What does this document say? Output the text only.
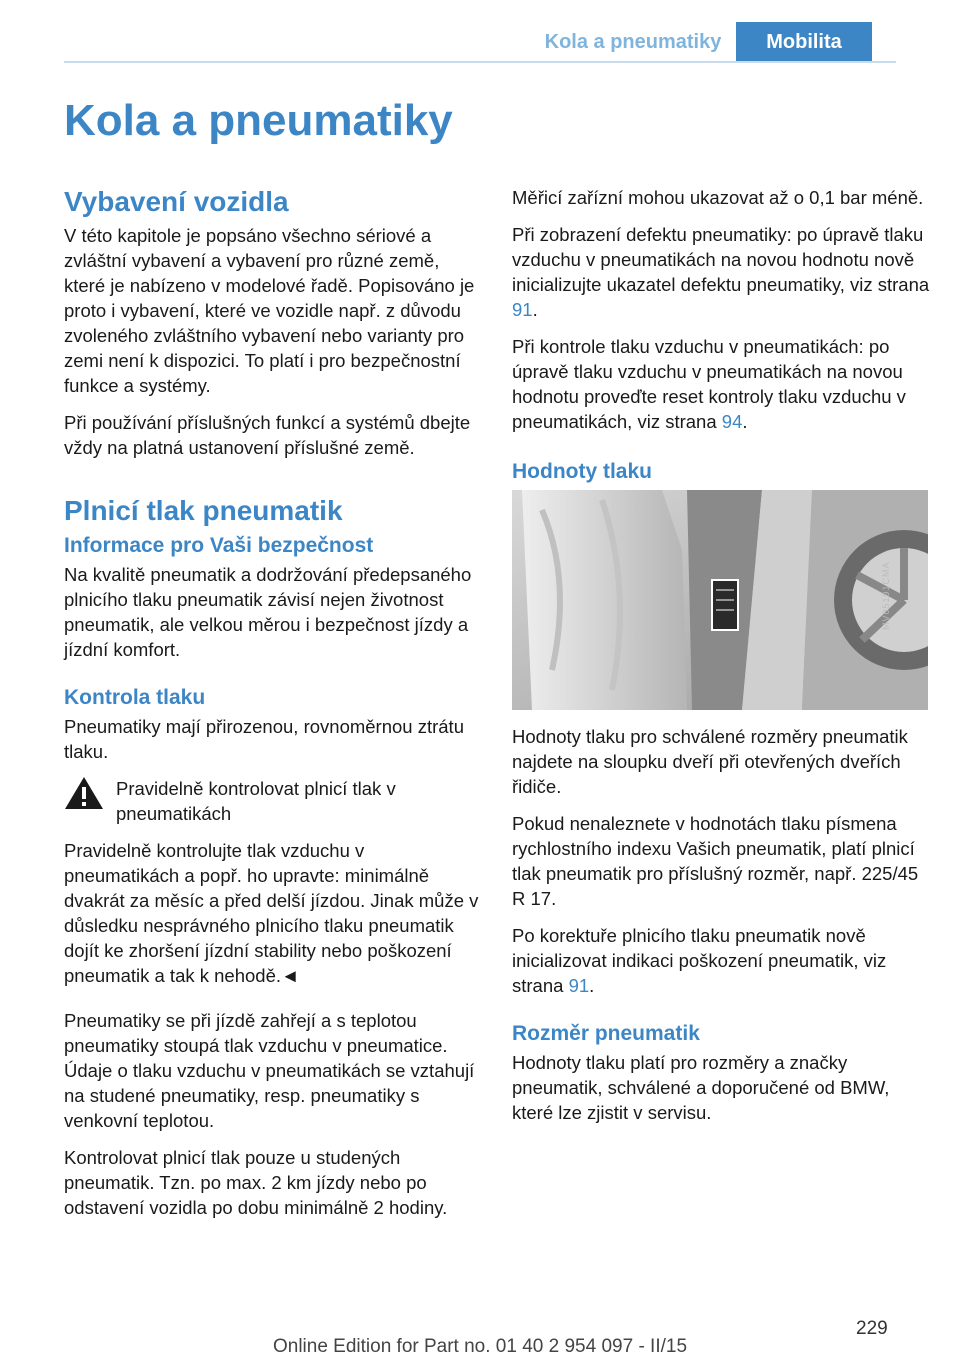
Kola a pneumatiky	Mobilita
Kola a pneumatiky
Vybavení vozidla

V této kapitole je popsáno všechno sériové a zvláštní vybavení a vybavení pro různé země, které je nabízeno v modelové řadě. Popisováno je proto i vybavení, které ve vozidle např. z důvodu zvoleného zvláštního vybavení nebo varianty pro zemi není k dispozici. To platí i pro bezpečnostní funkce a systémy.

Při používání příslušných funkcí a systémů dbejte vždy na platná ustanovení příslušné země.

Plnicí tlak pneumatik
Informace pro Vaši bezpečnost

Na kvalitě pneumatik a dodržování předepsaného plnicího tlaku pneumatik závisí nejen životnost pneumatik, ale velkou měrou i bezpečnost jízdy a jízdní komfort.

Kontrola tlaku

Pneumatiky mají přirozenou, rovnoměrnou ztrátu tlaku.

Pravidelně kontrolovat plnicí tlak v pneumatikách

Pravidelně kontrolujte tlak vzduchu v pneumatikách a popř. ho upravte: minimálně dvakrát za měsíc a před delší jízdou. Jinak může v důsledku nesprávného plnicího tlaku pneumatik dojít ke zhoršení jízdní stability nebo poškození pneumatik a tak k nehodě.◄

Pneumatiky se při jízdě zahřejí a s teplotou pneumatiky stoupá tlak vzduchu v pneumatice. Údaje o tlaku vzduchu v pneumatikách se vztahují na studené pneumatiky, resp. pneumatiky s venkovní teplotou.

Kontrolovat plnicí tlak pouze u studených pneumatik. Tzn. po max. 2 km jízdy nebo po odstavení vozidla po dobu minimálně 2 hodiny.

Měřicí zařízní mohou ukazovat až o 0,1 bar méně.

Při zobrazení defektu pneumatiky: po úpravě tlaku vzduchu v pneumatikách na novou hodnotu nově inicializujte ukazatel defektu pneumatiky, viz strana 91.

Při kontrole tlaku vzduchu v pneumatikách: po úpravě tlaku vzduchu v pneumatikách na novou hodnotu proveďte reset kontroly tlaku vzduchu v pneumatikách, viz strana 94.

Hodnoty tlaku
MV05191CMA

Hodnoty tlaku pro schválené rozměry pneumatik najdete na sloupku dveří při otevřených dveřích řidiče.

Pokud nenaleznete v hodnotách tlaku písmena rychlostního indexu Vašich pneumatik, platí plnicí tlak pneumatik pro příslušný rozměr, např. 225/45 R 17.

Po korektuře plnicího tlaku pneumatik nově inicializovat indikaci poškození pneumatik, viz strana 91.

Rozměr pneumatik

Hodnoty tlaku platí pro rozměry a značky pneumatik, schválené a doporučené od BMW, které lze zjistit v servisu.

229
Online Edition for Part no. 01 40 2 954 097 - II/15
